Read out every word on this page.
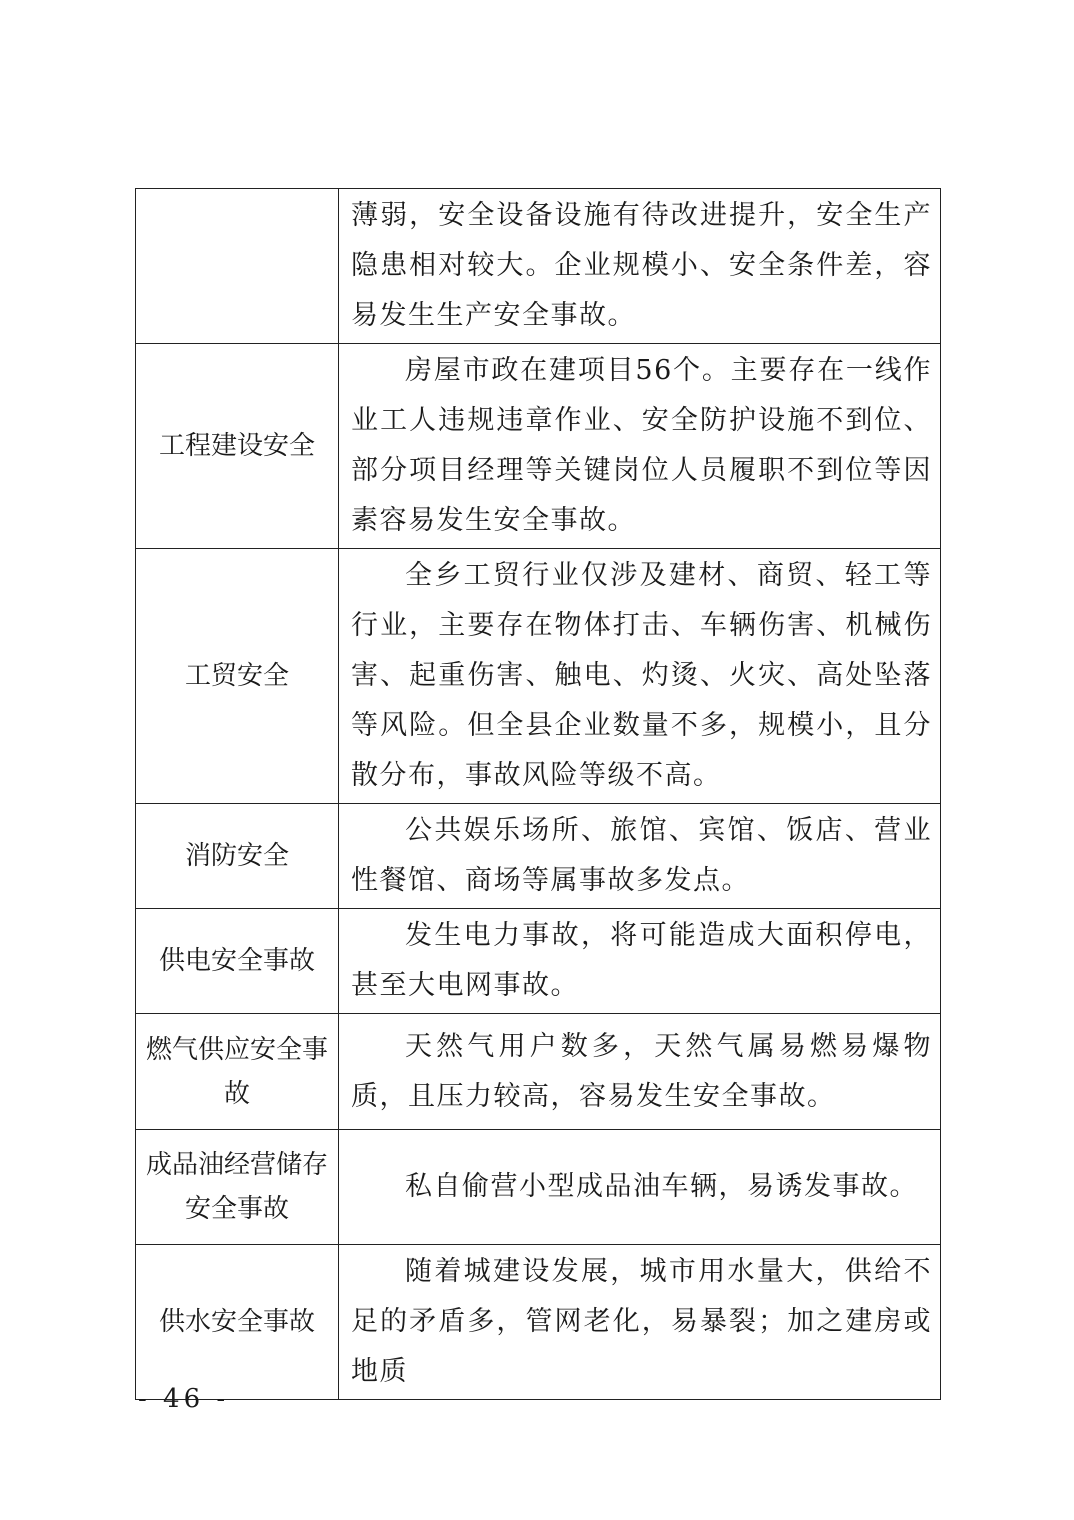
	薄弱，安全设备设施有待改进提升，安全生产隐患相对较大。企业规模小、安全条件差，容易发生生产安全事故。
工程建设安全	房屋市政在建项目56个。主要存在一线作业工人违规违章作业、安全防护设施不到位、部分项目经理等关键岗位人员履职不到位等因素容易发生安全事故。
工贸安全	全乡工贸行业仅涉及建材、商贸、轻工等行业，主要存在物体打击、车辆伤害、机械伤害、起重伤害、触电、灼烫、火灾、高处坠落等风险。但全县企业数量不多，规模小，且分散分布，事故风险等级不高。
消防安全	公共娱乐场所、旅馆、宾馆、饭店、营业性餐馆、商场等属事故多发点。
供电安全事故	发生电力事故，将可能造成大面积停电，甚至大电网事故。
燃气供应安全事故	天然气用户数多，天然气属易燃易爆物质，且压力较高，容易发生安全事故。
成品油经营储存安全事故	私自偷营小型成品油车辆，易诱发事故。
供水安全事故	随着城建设发展，城市用水量大，供给不足的矛盾多，管网老化，易暴裂；加之建房或地质
- 46 -
